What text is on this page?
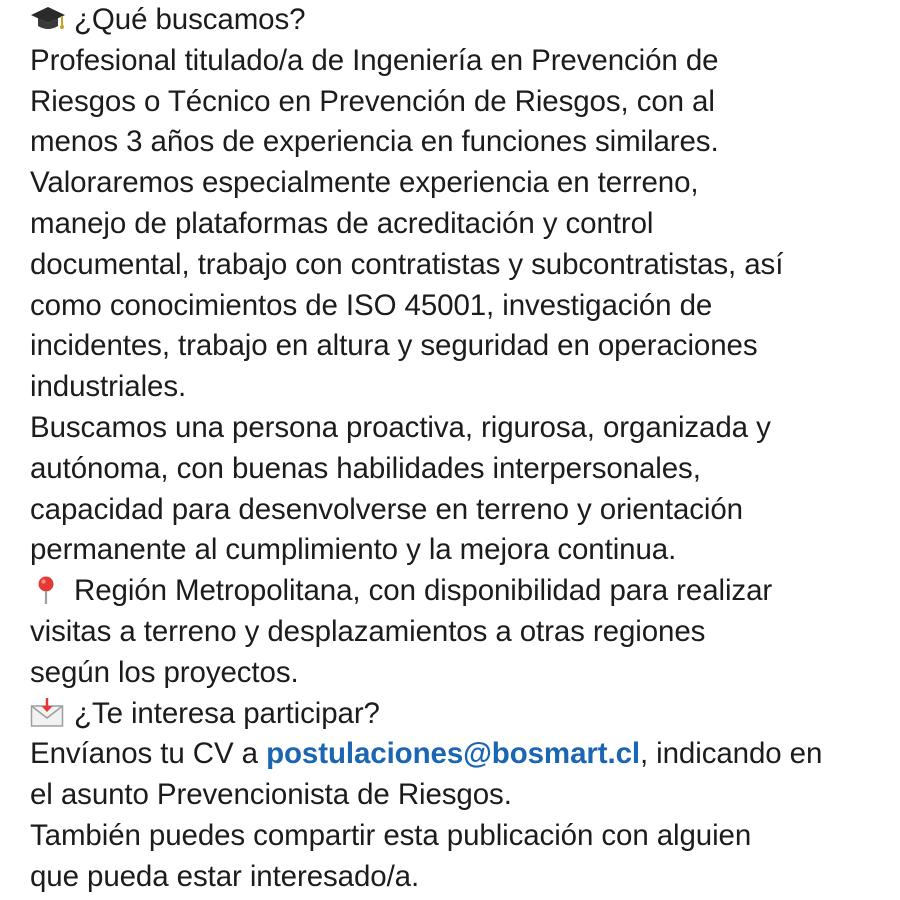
¿Qué buscamos?
Profesional titulado/a de Ingeniería en Prevención de
Riesgos o Técnico en Prevención de Riesgos, con al
menos 3 años de experiencia en funciones similares.
Valoraremos especialmente experiencia en terreno,
manejo de plataformas de acreditación y control
documental, trabajo con contratistas y subcontratistas, así
como conocimientos de ISO 45001, investigación de
incidentes, trabajo en altura y seguridad en operaciones
industriales.
Buscamos una persona proactiva, rigurosa, organizada y
autónoma, con buenas habilidades interpersonales,
capacidad para desenvolverse en terreno y orientación
permanente al cumplimiento y la mejora continua.
Región Metropolitana, con disponibilidad para realizar
visitas a terreno y desplazamientos a otras regiones
según los proyectos.
¿Te interesa participar?
Envíanos tu CV a postulaciones@bosmart.cl, indicando en
el asunto Prevencionista de Riesgos.
También puedes compartir esta publicación con alguien
que pueda estar interesado/a.
